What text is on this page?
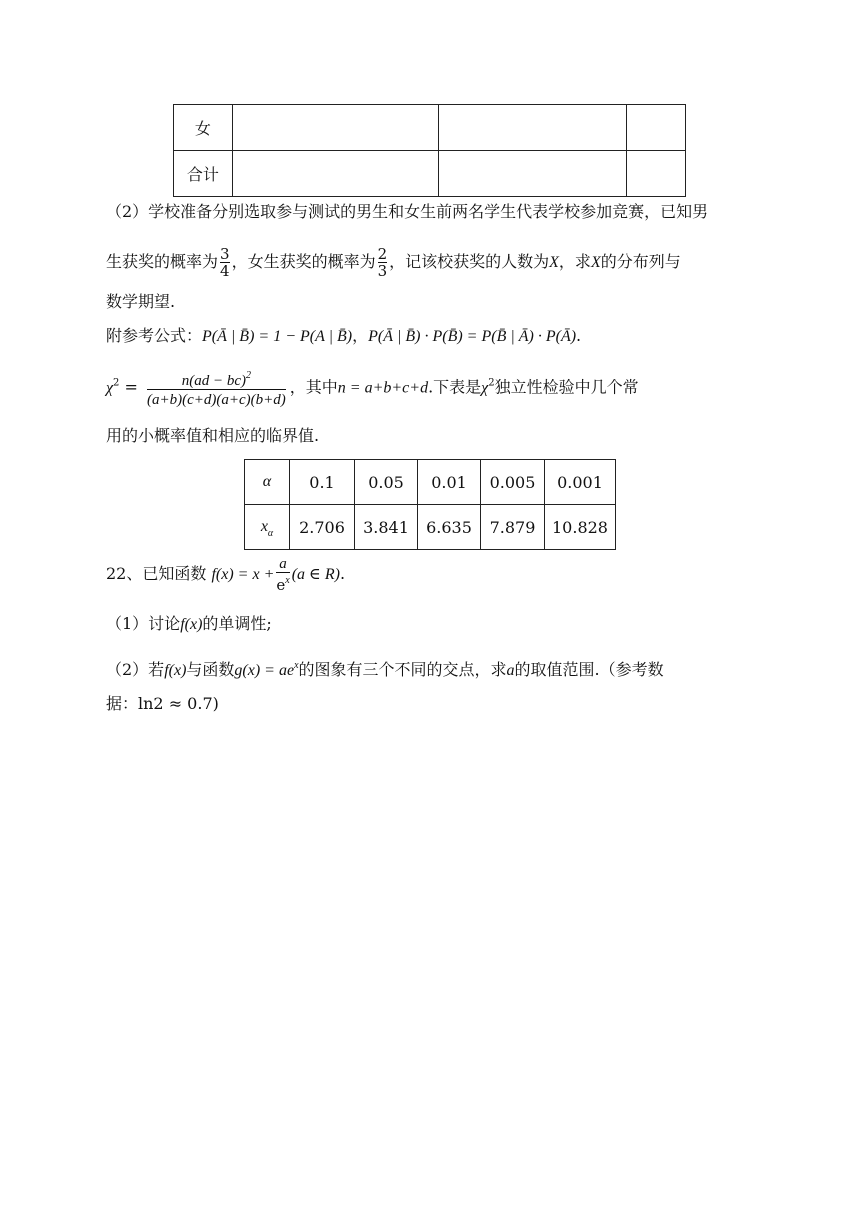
女			
合计			
（2）学校准备分别选取参与测试的男生和女生前两名学生代表学校参加竞赛，已知男
生获奖的概率为 $\frac{3}{4}$ ，女生获奖的概率为 $\frac{2}{3}$ ，记该校获奖的人数为X，求X的分布列与
数学期望.
附参考公式：P(Ā | B̄) = 1 − P(A | B̄)，P(Ā | B̄) · P(B̄) = P(B̄ | Ā) · P(Ā).
$\chi^2 = \frac{n(ad - bc)^2}{(a+b)(c+d)(a+c)(b+d)}$ ，其中n = a+b+c+d.下表是$\chi^2$独立性检验中几个常
用的小概率值和相应的临界值.
α	0.1	0.05	0.01	0.005	0.001
$x_\alpha$	2.706	3.841	6.635	7.879	10.828
22、已知函数 $f(x) = x + \frac{a}{e^x} (a$ ∈ R).
（1）讨论f(x)的单调性;
（2）若f(x)与函数$g(x) = ae^x$的图象有三个不同的交点，求a的取值范围.（参考数
据：ln2 ≈ 0.7)
